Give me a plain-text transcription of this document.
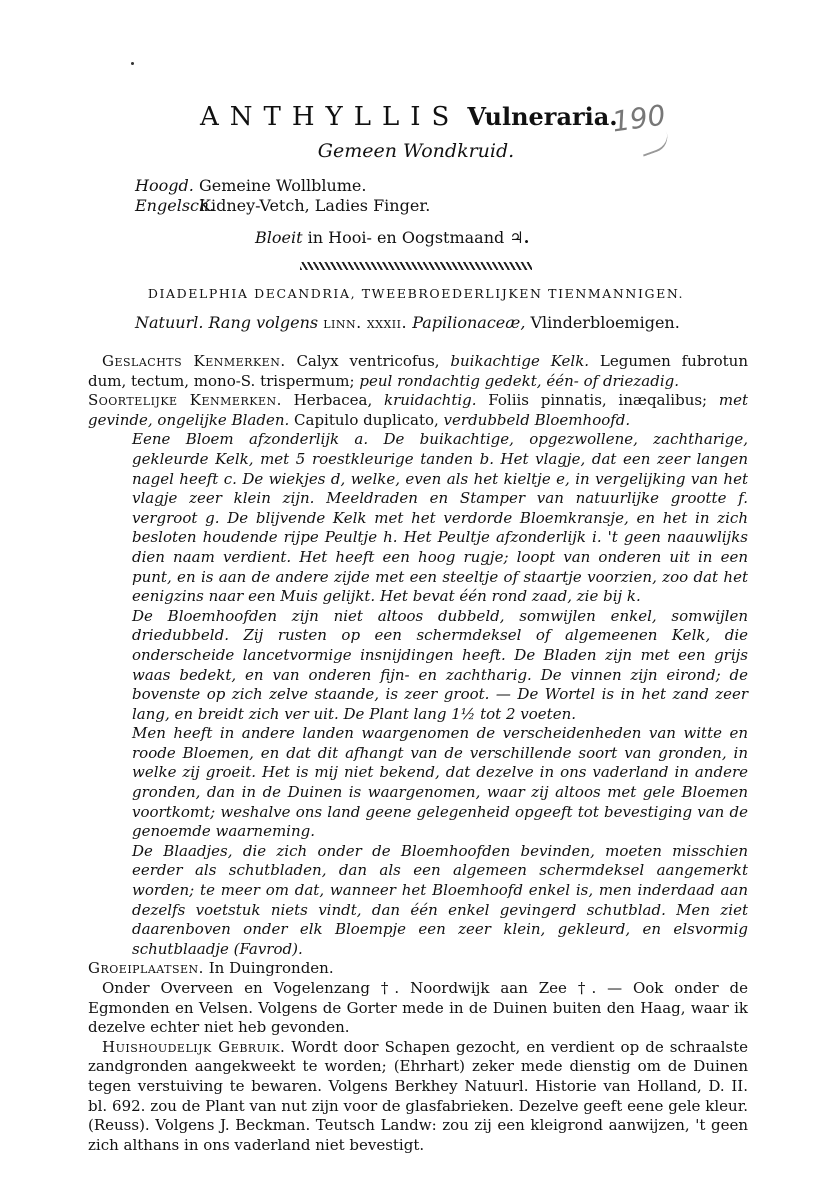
ANTHYLLIS Vulneraria.
190
Gemeen Wondkruid.
Hoogd. Gemeine Wollblume.
Engelsch.Kidney-Vetch, Ladies Finger.
Bloeit in Hooi- en Oogstmaand ♃.
DIADELPHIA DECANDRIA, TWEEBROEDERLIJKEN TIENMANNIGEN.
Natuurl. Rang volgens linn. xxxii. Papilionaceæ, Vlinderbloemigen.

Geslachts Kenmerken. Calyx ventricofus, buikachtige Kelk. Legumen fubrotun dum, tectum, mono-S. trispermum; peul rondachtig gedekt, één- of driezadig.

Soortelijke Kenmerken. Herbacea, kruidachtig. Foliis pinnatis, inæqalibus; met gevinde, ongelijke Bladen. Capitulo duplicato, verdubbeld Bloemhoofd.

Eene Bloem afzonderlijk a. De buikachtige, opgezwollene, zachtharige, gekleurde Kelk, met 5 roestkleurige tanden b. Het vlagje, dat een zeer langen nagel heeft c. De wiekjes d, welke, even als het kieltje e, in vergelijking van het vlagje zeer klein zijn. Meeldraden en Stamper van natuurlijke grootte f. vergroot g. De blijvende Kelk met het verdorde Bloemkransje, en het in zich besloten houdende rijpe Peultje h. Het Peultje afzonderlijk i. 't geen naauwlijks dien naam verdient. Het heeft een hoog rugje; loopt van onderen uit in een punt, en is aan de andere zijde met een steeltje of staartje voorzien, zoo dat het eenigzins naar een Muis gelijkt. Het bevat één rond zaad, zie bij k.

De Bloemhoofden zijn niet altoos dubbeld, somwijlen enkel, somwijlen driedubbeld. Zij rusten op een schermdeksel of algemeenen Kelk, die onderscheide lancetvormige insnijdingen heeft. De Bladen zijn met een grijs waas bedekt, en van onderen fijn- en zachtharig. De vinnen zijn eirond; de bovenste op zich zelve staande, is zeer groot. — De Wortel is in het zand zeer lang, en breidt zich ver uit. De Plant lang 1½ tot 2 voeten.

Men heeft in andere landen waargenomen de verscheidenheden van witte en roode Bloemen, en dat dit afhangt van de verschillende soort van gronden, in welke zij groeit. Het is mij niet bekend, dat dezelve in ons vaderland in andere gronden, dan in de Duinen is waargenomen, waar zij altoos met gele Bloemen voortkomt; weshalve ons land geene gelegenheid opgeeft tot bevestiging van de genoemde waarneming.

De Blaadjes, die zich onder de Bloemhoofden bevinden, moeten misschien eerder als schutbladen, dan als een algemeen schermdeksel aangemerkt worden; te meer om dat, wanneer het Bloemhoofd enkel is, men inderdaad aan dezelfs voetstuk niets vindt, dan één enkel gevingerd schutblad. Men ziet daarenboven onder elk Bloempje een zeer klein, gekleurd, en elsvormig schutblaadje (Favrod).

Groeiplaatsen. In Duingronden.

Onder Overveen en Vogelenzang †. Noordwijk aan Zee †. — Ook onder de Egmonden en Velsen. Volgens de Gorter mede in de Duinen buiten den Haag, waar ik dezelve echter niet heb gevonden.

Huishoudelijk Gebruik. Wordt door Schapen gezocht, en verdient op de schraalste zandgronden aangekweekt te worden; (Ehrhart) zeker mede dienstig om de Duinen tegen verstuiving te bewaren. Volgens Berkhey Natuurl. Historie van Holland, D. II. bl. 692. zou de Plant van nut zijn voor de glasfabrieken. Dezelve geeft eene gele kleur. (Reuss). Volgens J. Beckman. Teutsch Landw: zou zij een kleigrond aanwijzen, 't geen zich althans in ons vaderland niet bevestigt.
